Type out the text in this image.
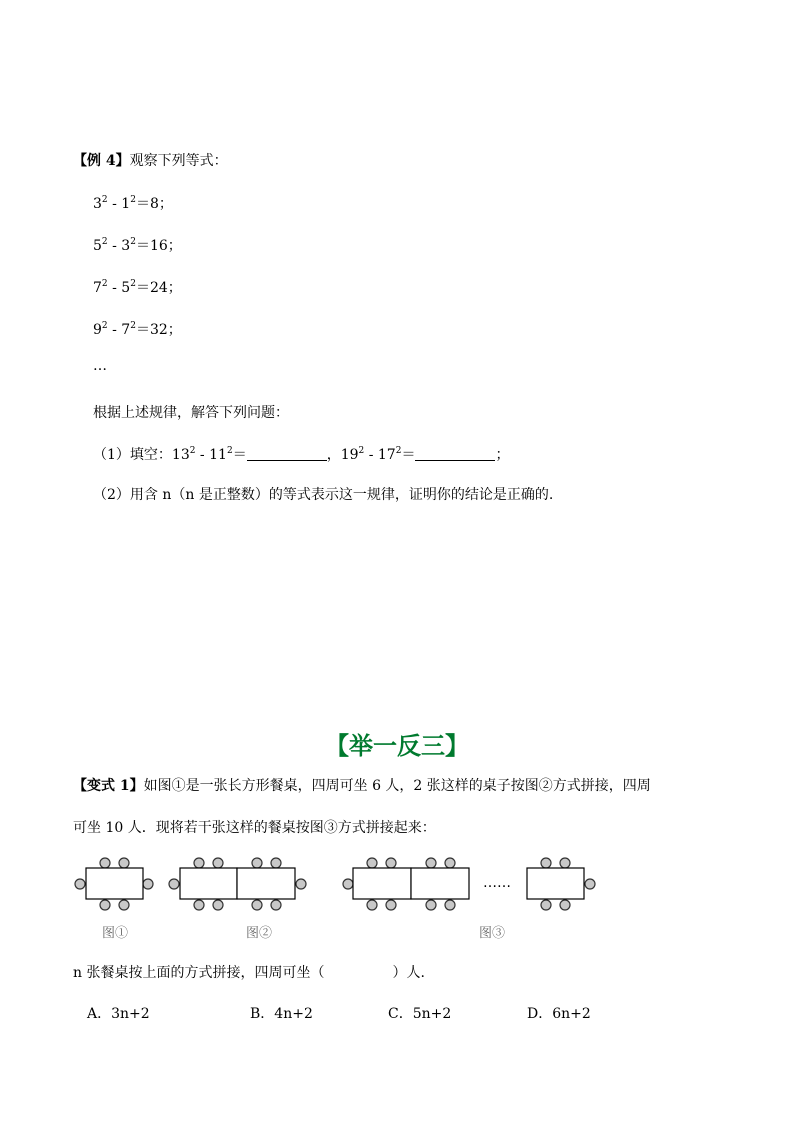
【例 4】观察下列等式：
$3^2 - 1^2=8$；
$5^2 - 3^2=16$；
$7^2 - 5^2=24$；
$9^2 - 7^2=32$；
…
根据上述规律，解答下列问题：
（1）填空：$13^2 - 11^2=$	，$19^2 - 17^2=$	；
（2）用含 n（n 是正整数）的等式表示这一规律，证明你的结论是正确的.
【举一反三】
【变式 1】如图①是一张长方形餐桌，四周可坐 6 人，2 张这样的桌子按图②方式拼接，四周
可坐 10 人．现将若干张这样的餐桌按图③方式拼接起来：
……
图①	图②	图③
n 张餐桌按上面的方式拼接，四周可坐（	）人.
A．3n+2	B．4n+2	C．5n+2	D．6n+2
